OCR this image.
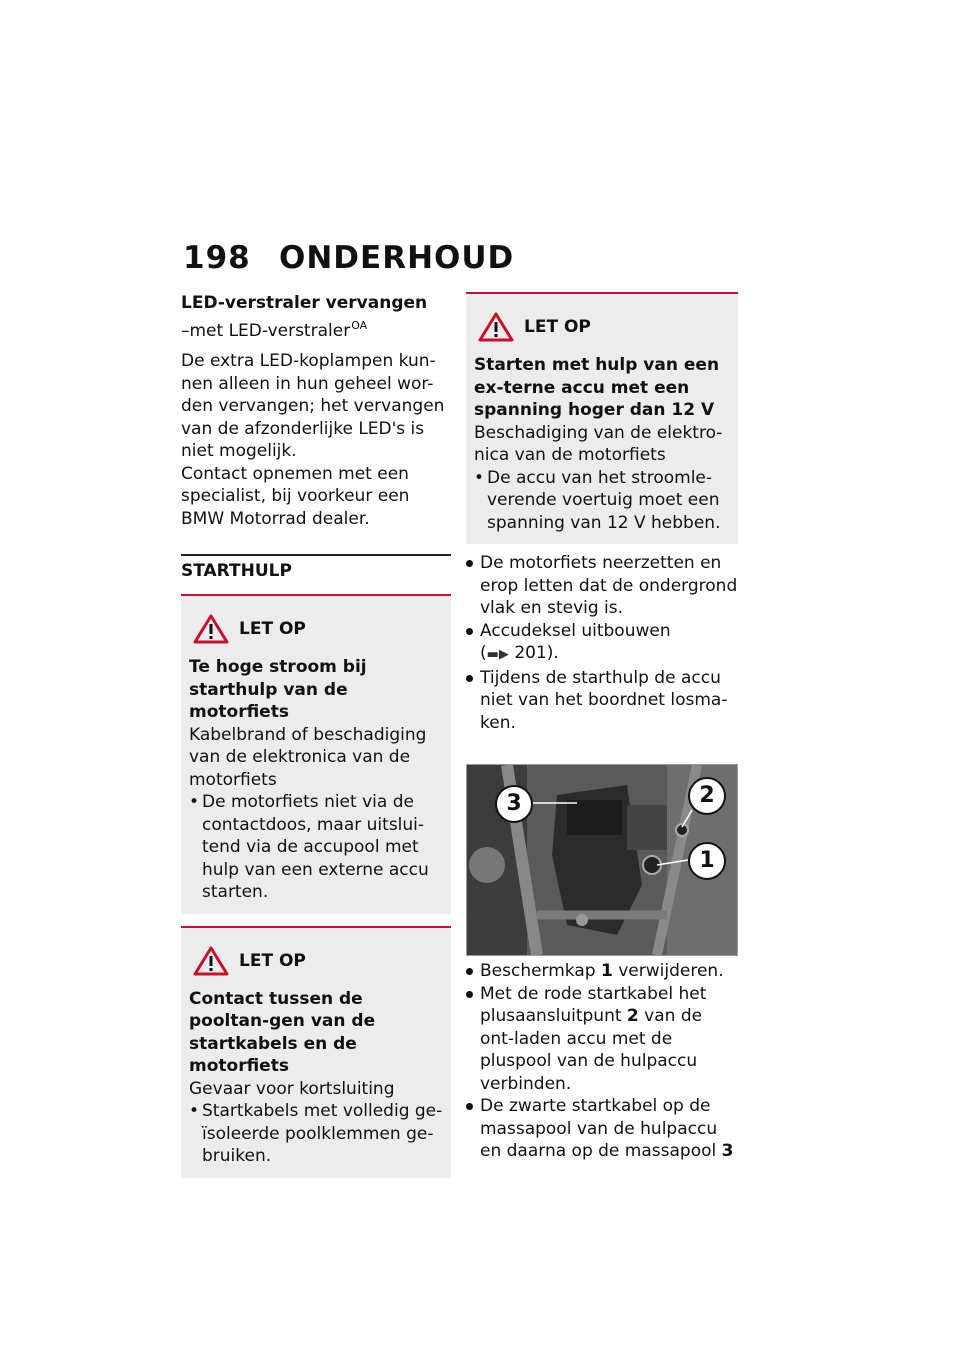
198 ONDERHOUD

LED-verstraler vervangen

–met LED-verstraler$^{OA}$

De extra LED-koplampen kun-nen alleen in hun geheel wor-den vervangen; het vervangen van de afzonderlijke LED's is niet mogelijk.

Contact opnemen met een specialist, bij voorkeur een BMW Motorrad dealer.

STARTHULP

LET OP

Te hoge stroom bij starthulp van de motorfiets

Kabelbrand of beschadiging van de elektronica van de motorfiets

• De motorfiets niet via de contactdoos, maar uitslui-tend via de accupool met hulp van een externe accu starten.
LET OP

Contact tussen de pooltan-gen van de startkabels en de motorfiets

Gevaar voor kortsluiting

• Startkabels met volledig ge-ïsoleerde poolklemmen ge-bruiken.
LET OP

Starten met hulp van een ex-terne accu met een spanning hoger dan 12 V

Beschadiging van de elektro-nica van de motorfiets

• De accu van het stroomle-verende voertuig moet een spanning van 12 V hebben.
De motorfiets neerzetten en erop letten dat de ondergrond vlak en stevig is.
Accudeksel uitbouwen
(▬▶ 201).
Tijdens de starthulp de accu niet van het boordnet losma-ken.
3	2
1
Beschermkap 1 verwijderen.
Met de rode startkabel het plusaansluitpunt 2 van de ont-laden accu met de pluspool van de hulpaccu verbinden.
De zwarte startkabel op de massapool van de hulpaccu en daarna op de massapool 3
